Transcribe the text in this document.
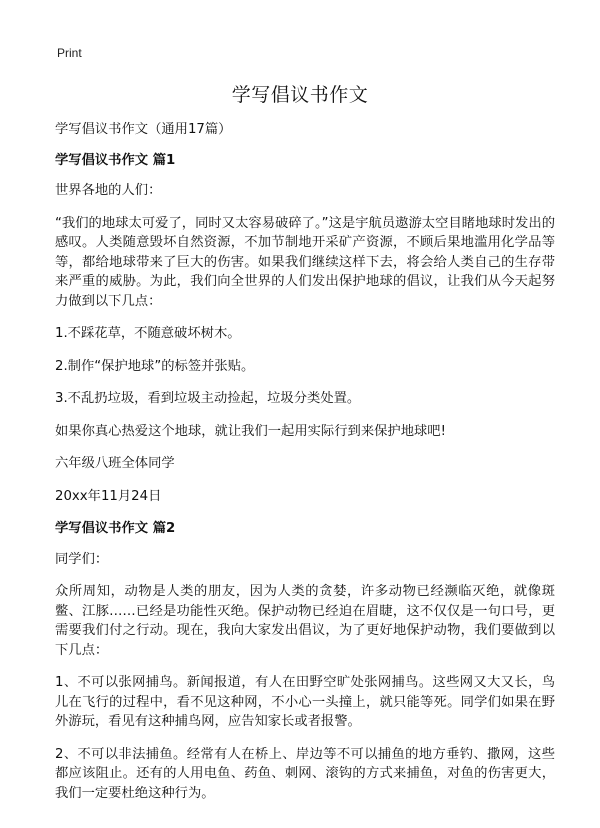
Print
学写倡议书作文

学写倡议书作文（通用17篇）

学写倡议书作文 篇1

世界各地的人们：

“我们的地球太可爱了，同时又太容易破碎了。”这是宇航员遨游太空目睹地球时发出的感叹。人类随意毁坏自然资源，不加节制地开采矿产资源，不顾后果地滥用化学品等等，都给地球带来了巨大的伤害。如果我们继续这样下去，将会给人类自己的生存带来严重的威胁。为此，我们向全世界的人们发出保护地球的倡议，让我们从今天起努力做到以下几点：

1.不踩花草，不随意破坏树木。

2.制作“保护地球”的标签并张贴。

3.不乱扔垃圾，看到垃圾主动捡起，垃圾分类处置。

如果你真心热爱这个地球，就让我们一起用实际行到来保护地球吧!

六年级八班全体同学

20xx年11月24日

学写倡议书作文 篇2

同学们：

众所周知，动物是人类的朋友，因为人类的贪婪，许多动物已经濒临灭绝，就像斑鳖、江豚……已经是功能性灭绝。保护动物已经迫在眉睫，这不仅仅是一句口号，更需要我们付之行动。现在，我向大家发出倡议，为了更好地保护动物，我们要做到以下几点：

1、不可以张网捕鸟。新闻报道，有人在田野空旷处张网捕鸟。这些网又大又长，鸟儿在飞行的过程中，看不见这种网，不小心一头撞上，就只能等死。同学们如果在野外游玩，看见有这种捕鸟网，应告知家长或者报警。

2、不可以非法捕鱼。经常有人在桥上、岸边等不可以捕鱼的地方垂钓、撒网，这些都应该阻止。还有的人用电鱼、药鱼、刺网、滚钩的方式来捕鱼，对鱼的伤害更大，我们一定要杜绝这种行为。
